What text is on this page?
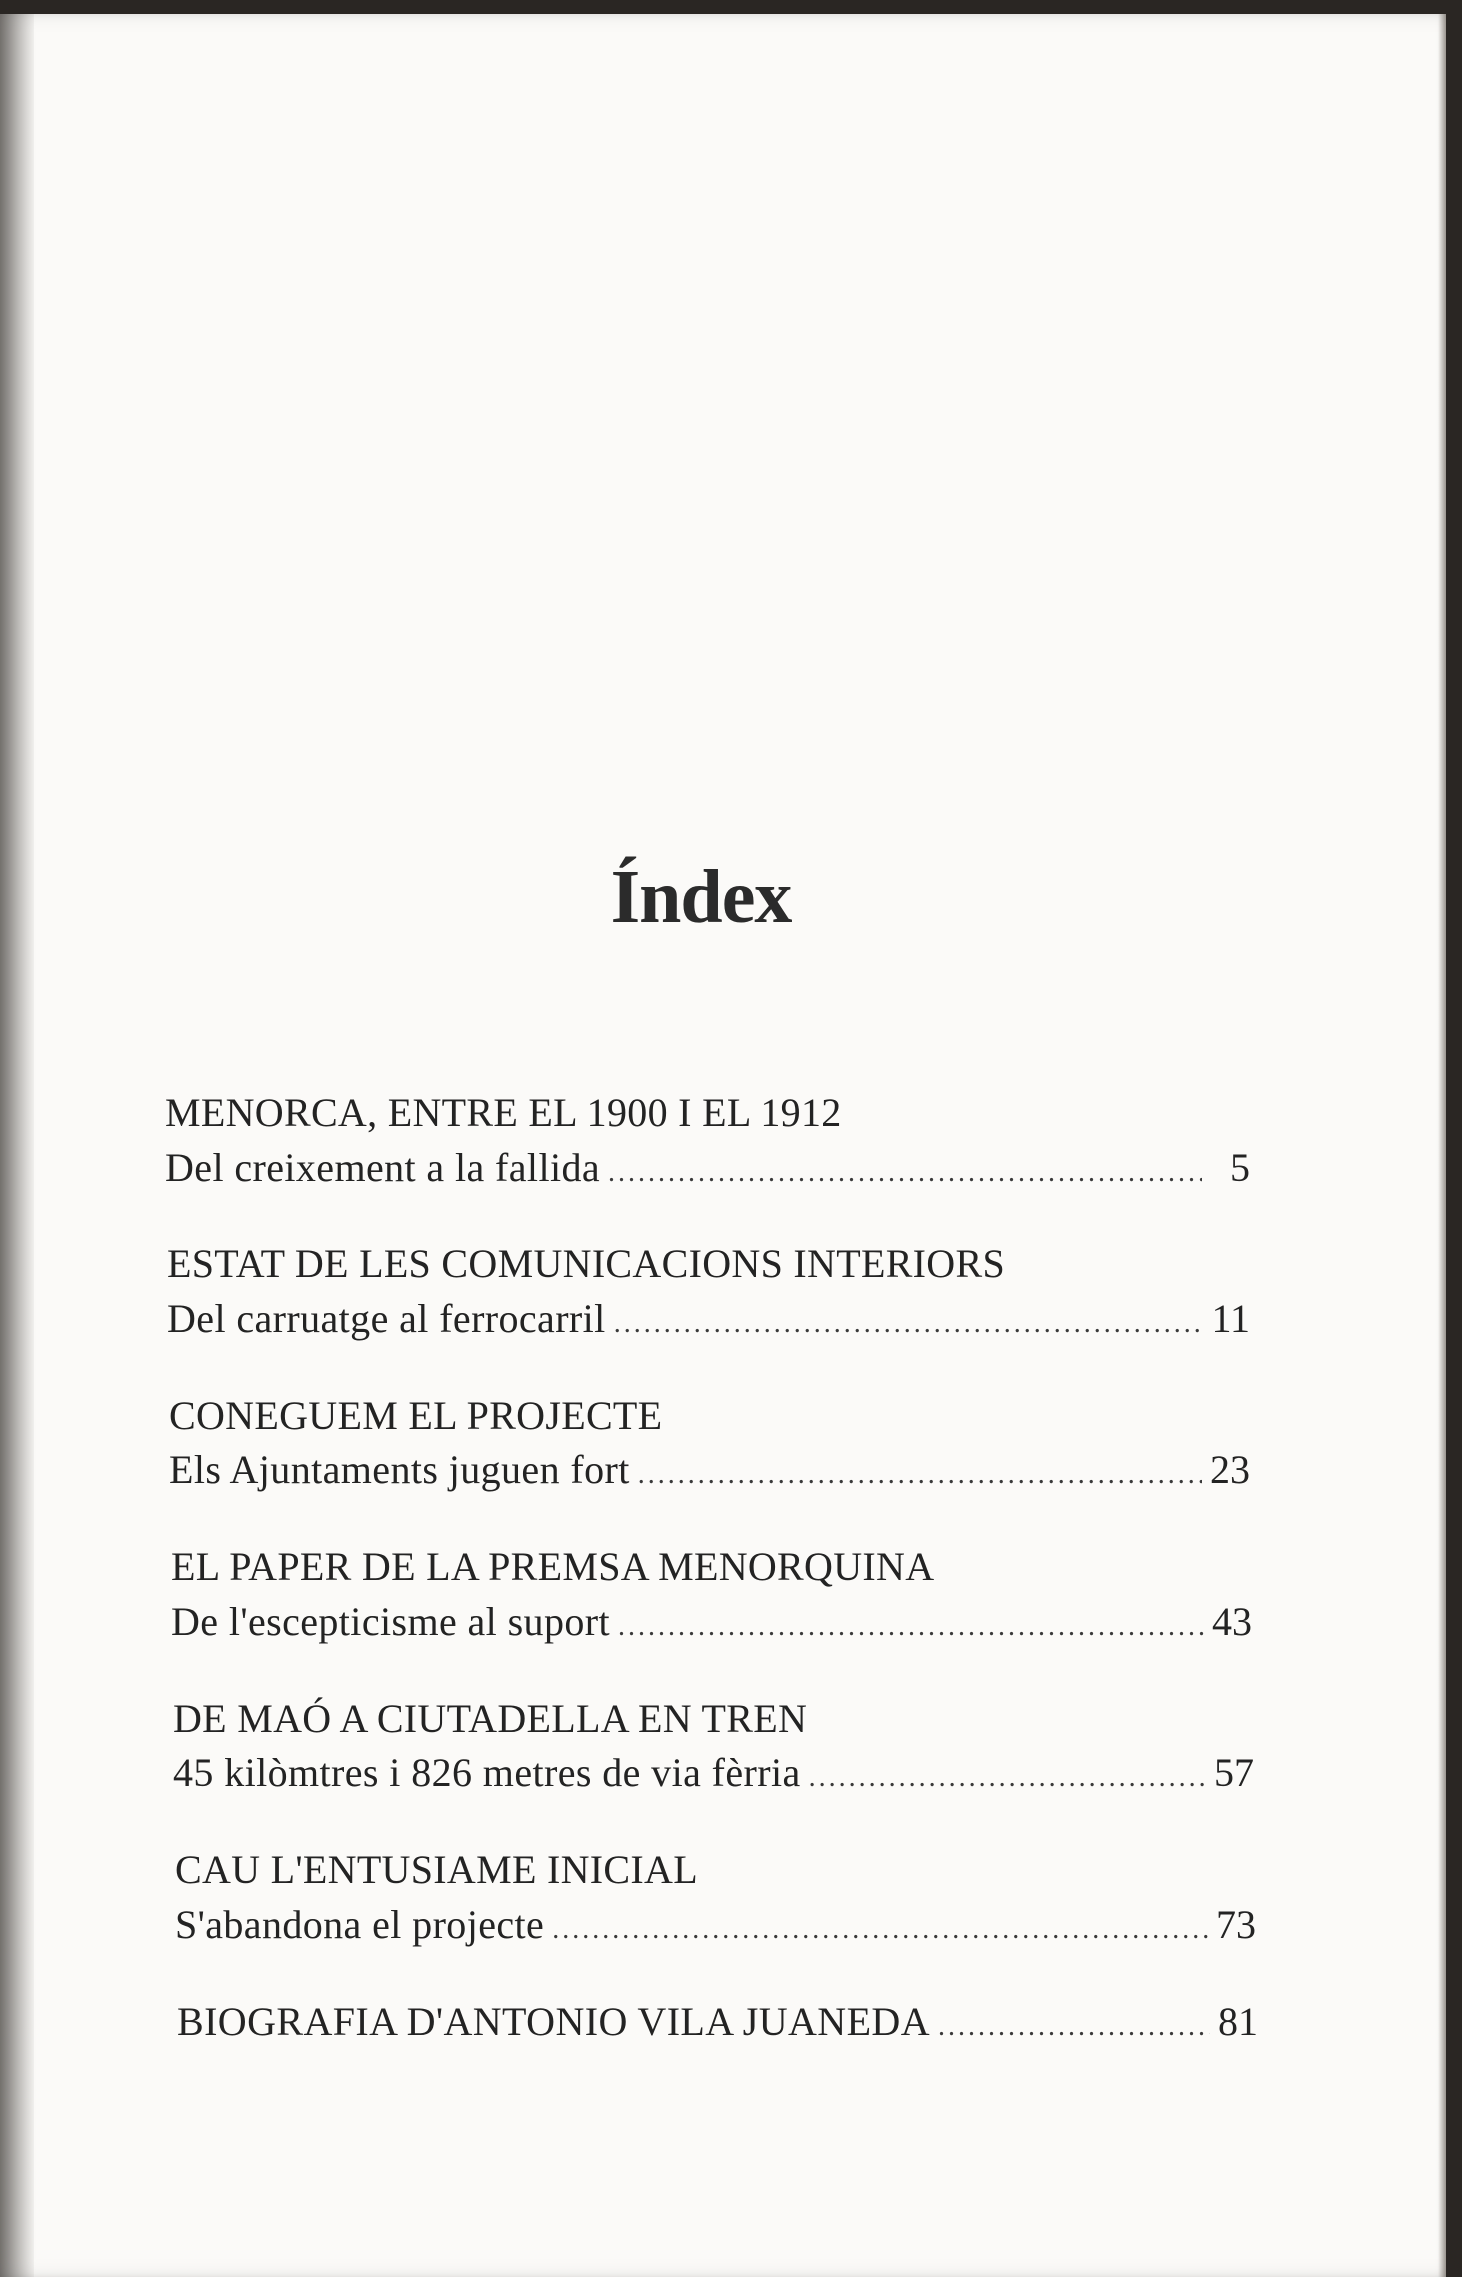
Índex
MENORCA, ENTRE EL 1900 I EL 1912
Del creixement a la fallida .....	5
ESTAT DE LES COMUNICACIONS INTERIORS
Del carruatge al ferrocarril .....	11
CONEGUEM EL PROJECTE
Els Ajuntaments juguen fort .....	23
EL PAPER DE LA PREMSA MENORQUINA
De l'escepticisme al suport .....	43
DE MAÓ A CIUTADELLA EN TREN
45 kilòmtres i 826 metres de via fèrria .....	57
CAU L'ENTUSIAME INICIAL
S'abandona el projecte .....	73
BIOGRAFIA D'ANTONIO VILA JUANEDA .....	81
